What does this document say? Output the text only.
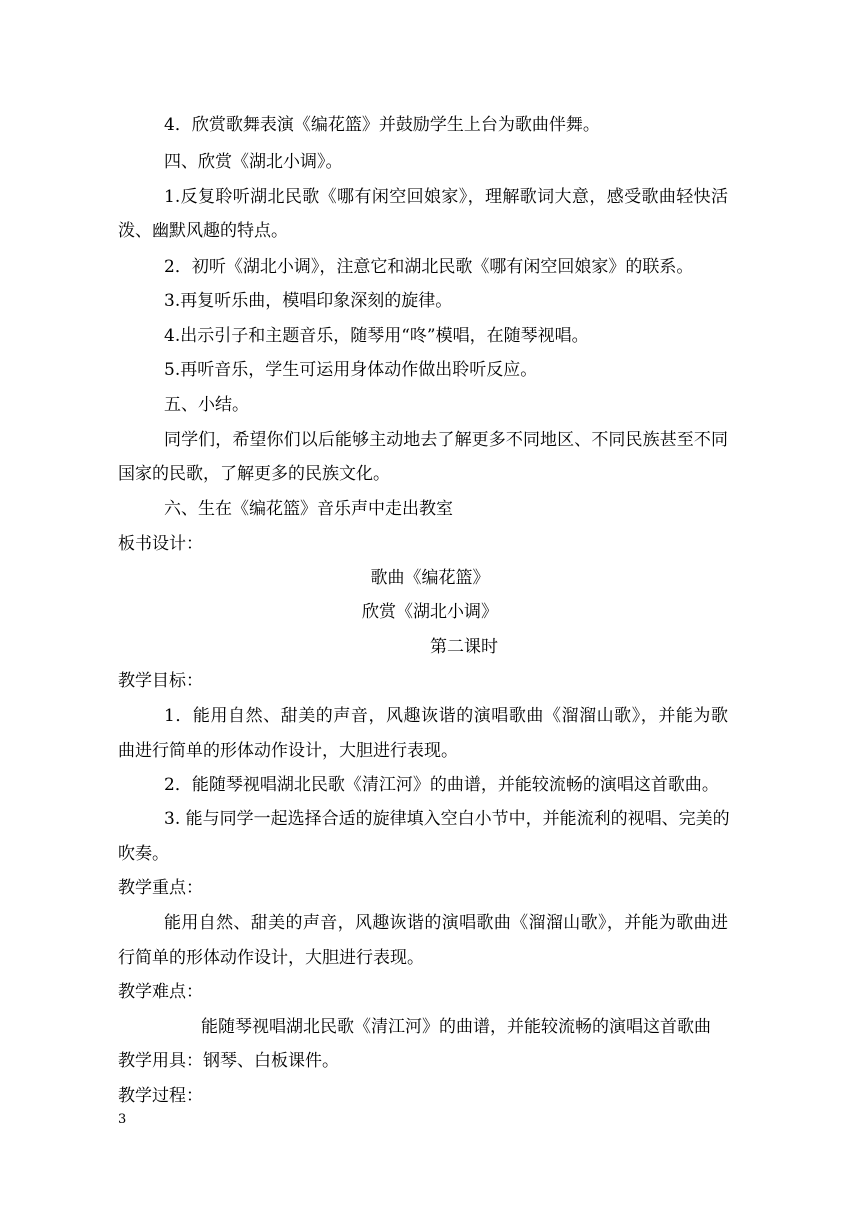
4．欣赏歌舞表演《编花篮》并鼓励学生上台为歌曲伴舞。
四、欣赏《湖北小调》。
1.反复聆听湖北民歌《哪有闲空回娘家》，理解歌词大意，感受歌曲轻快活
泼、幽默风趣的特点。
2．初听《湖北小调》，注意它和湖北民歌《哪有闲空回娘家》的联系。
3.再复听乐曲，模唱印象深刻的旋律。
4.出示引子和主题音乐，随琴用“咚”模唱，在随琴视唱。
5.再听音乐，学生可运用身体动作做出聆听反应。
五、小结。
同学们，希望你们以后能够主动地去了解更多不同地区、不同民族甚至不同
国家的民歌，了解更多的民族文化。
六、生在《编花篮》音乐声中走出教室
板书设计：
歌曲《编花篮》
欣赏《湖北小调》
第二课时
教学目标：
1．能用自然、甜美的声音，风趣诙谐的演唱歌曲《溜溜山歌》，并能为歌
曲进行简单的形体动作设计，大胆进行表现。
2．能随琴视唱湖北民歌《清江河》的曲谱，并能较流畅的演唱这首歌曲。
3. 能与同学一起选择合适的旋律填入空白小节中，并能流利的视唱、完美的
吹奏。
教学重点：
能用自然、甜美的声音，风趣诙谐的演唱歌曲《溜溜山歌》，并能为歌曲进
行简单的形体动作设计，大胆进行表现。
教学难点：
能随琴视唱湖北民歌《清江河》的曲谱，并能较流畅的演唱这首歌曲
教学用具：钢琴、白板课件。
教学过程：
3
